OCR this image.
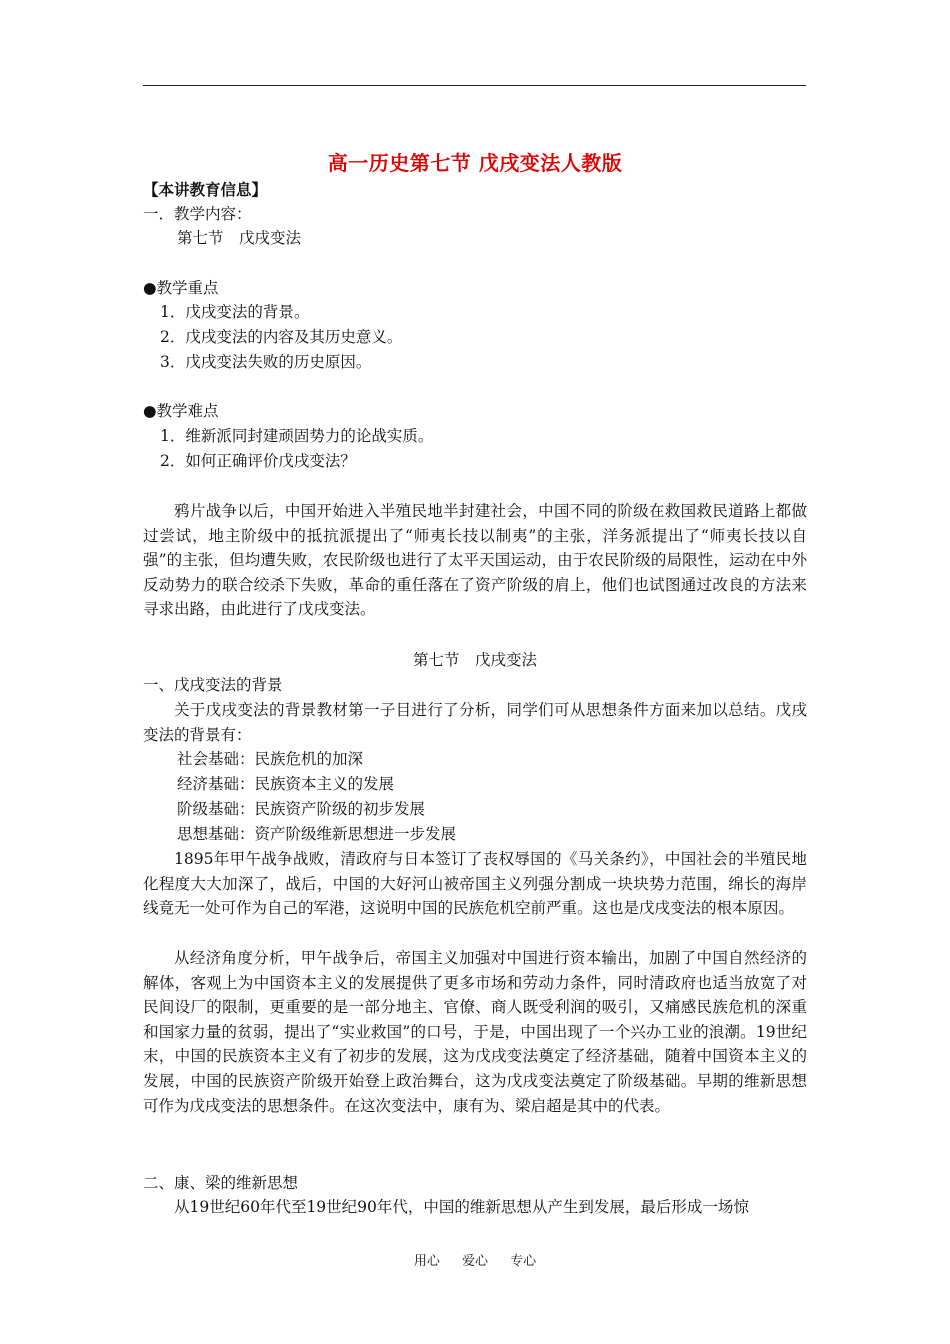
高一历史第七节 戊戌变法人教版
【本讲教育信息】
一．教学内容：
第七节　戊戌变法
●教学重点
1．戊戌变法的背景。
2．戊戌变法的内容及其历史意义。
3．戊戌变法失败的历史原因。
●教学难点
1．维新派同封建顽固势力的论战实质。
2．如何正确评价戊戌变法？
鸦片战争以后，中国开始进入半殖民地半封建社会，中国不同的阶级在救国救民道路上都做过尝试，地主阶级中的抵抗派提出了“师夷长技以制夷”的主张，洋务派提出了“师夷长技以自强”的主张，但均遭失败，农民阶级也进行了太平天国运动，由于农民阶级的局限性，运动在中外反动势力的联合绞杀下失败，革命的重任落在了资产阶级的肩上，他们也试图通过改良的方法来寻求出路，由此进行了戊戌变法。
第七节　戊戌变法
一、戊戌变法的背景
关于戊戌变法的背景教材第一子目进行了分析，同学们可从思想条件方面来加以总结。戊戌变法的背景有：
社会基础：民族危机的加深
经济基础：民族资本主义的发展
阶级基础：民族资产阶级的初步发展
思想基础：资产阶级维新思想进一步发展
1895年甲午战争战败，清政府与日本签订了丧权辱国的《马关条约》，中国社会的半殖民地化程度大大加深了，战后，中国的大好河山被帝国主义列强分割成一块块势力范围，绵长的海岸线竟无一处可作为自己的军港，这说明中国的民族危机空前严重。这也是戊戌变法的根本原因。
从经济角度分析，甲午战争后，帝国主义加强对中国进行资本输出，加剧了中国自然经济的解体，客观上为中国资本主义的发展提供了更多市场和劳动力条件，同时清政府也适当放宽了对民间设厂的限制，更重要的是一部分地主、官僚、商人既受利润的吸引，又痛感民族危机的深重和国家力量的贫弱，提出了“实业救国”的口号，于是，中国出现了一个兴办工业的浪潮。19世纪末，中国的民族资本主义有了初步的发展，这为戊戌变法奠定了经济基础，随着中国资本主义的发展，中国的民族资产阶级开始登上政治舞台，这为戊戌变法奠定了阶级基础。早期的维新思想可作为戊戌变法的思想条件。在这次变法中，康有为、梁启超是其中的代表。
二、康、梁的维新思想
从19世纪60年代至19世纪90年代，中国的维新思想从产生到发展，最后形成一场惊
用心 爱心 专心
